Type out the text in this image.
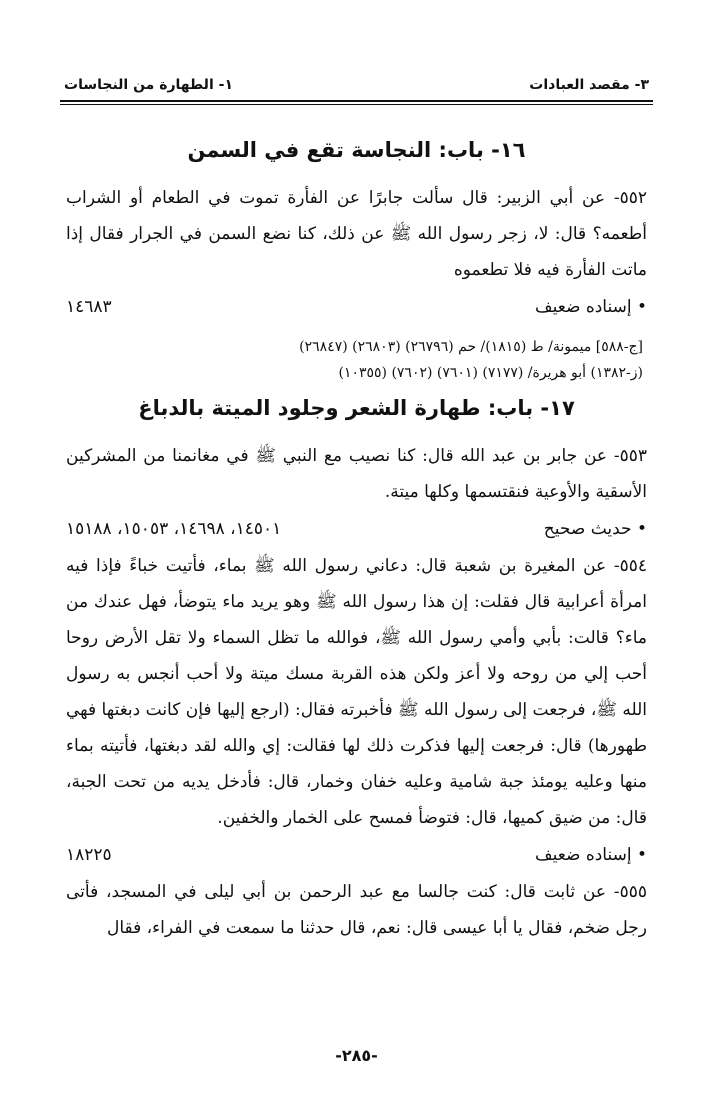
٣- مقصد العبادات
١- الطهارة من النجاسات
١٦- باب: النجاسة تقع في السمن

٥٥٢- عن أبي الزبير: قال سألت جابرًا عن الفأرة تموت في الطعام أو الشراب أطعمه؟ قال: لا، زجر رسول الله ﷺ عن ذلك، كنا نضع السمن في الجرار فقال إذا ماتت الفأرة فيه فلا تطعموه

• إسناده ضعيف
١٤٦٨٣
[ج-٥٨٨] ميمونة/ ط (١٨١٥)/ حم (٢٦٧٩٦) (٢٦٨٠٣) (٢٦٨٤٧)
(ز-١٣٨٢) أبو هريرة/ (٧١٧٧) (٧٦٠١) (٧٦٠٢) (١٠٣٥٥)
١٧- باب: طهارة الشعر وجلود الميتة بالدباغ

٥٥٣- عن جابر بن عبد الله قال: كنا نصيب مع النبي ﷺ في مغانمنا من المشركين الأسقية والأوعية فنقتسمها وكلها ميتة.

• حديث صحيح
١٤٥٠١، ١٤٦٩٨، ١٥٠٥٣، ١٥١٨٨

٥٥٤- عن المغيرة بن شعبة قال: دعاني رسول الله ﷺ بماء، فأتيت خباءً فإذا فيه امرأة أعرابية قال فقلت: إن هذا رسول الله ﷺ وهو يريد ماء يتوضأ، فهل عندك من ماء؟ قالت: بأبي وأمي رسول الله ﷺ، فوالله ما تظل السماء ولا تقل الأرض روحا أحب إلي من روحه ولا أعز ولكن هذه القربة مسك ميتة ولا أحب أنجس به رسول الله ﷺ، فرجعت إلى رسول الله ﷺ فأخبرته فقال: (ارجع إليها فإن كانت دبغتها فهي طهورها) قال: فرجعت إليها فذكرت ذلك لها فقالت: إي والله لقد دبغتها، فأتيته بماء منها وعليه يومئذ جبة شامية وعليه خفان وخمار، قال: فأدخل يديه من تحت الجبة، قال: من ضيق كميها، قال: فتوضأ فمسح على الخمار والخفين.

• إسناده ضعيف
١٨٢٢٥

٥٥٥- عن ثابت قال: كنت جالسا مع عبد الرحمن بن أبي ليلى في المسجد، فأتى رجل ضخم، فقال يا أبا عيسى قال: نعم، قال حدثنا ما سمعت في الفراء، فقال

-٢٨٥-
